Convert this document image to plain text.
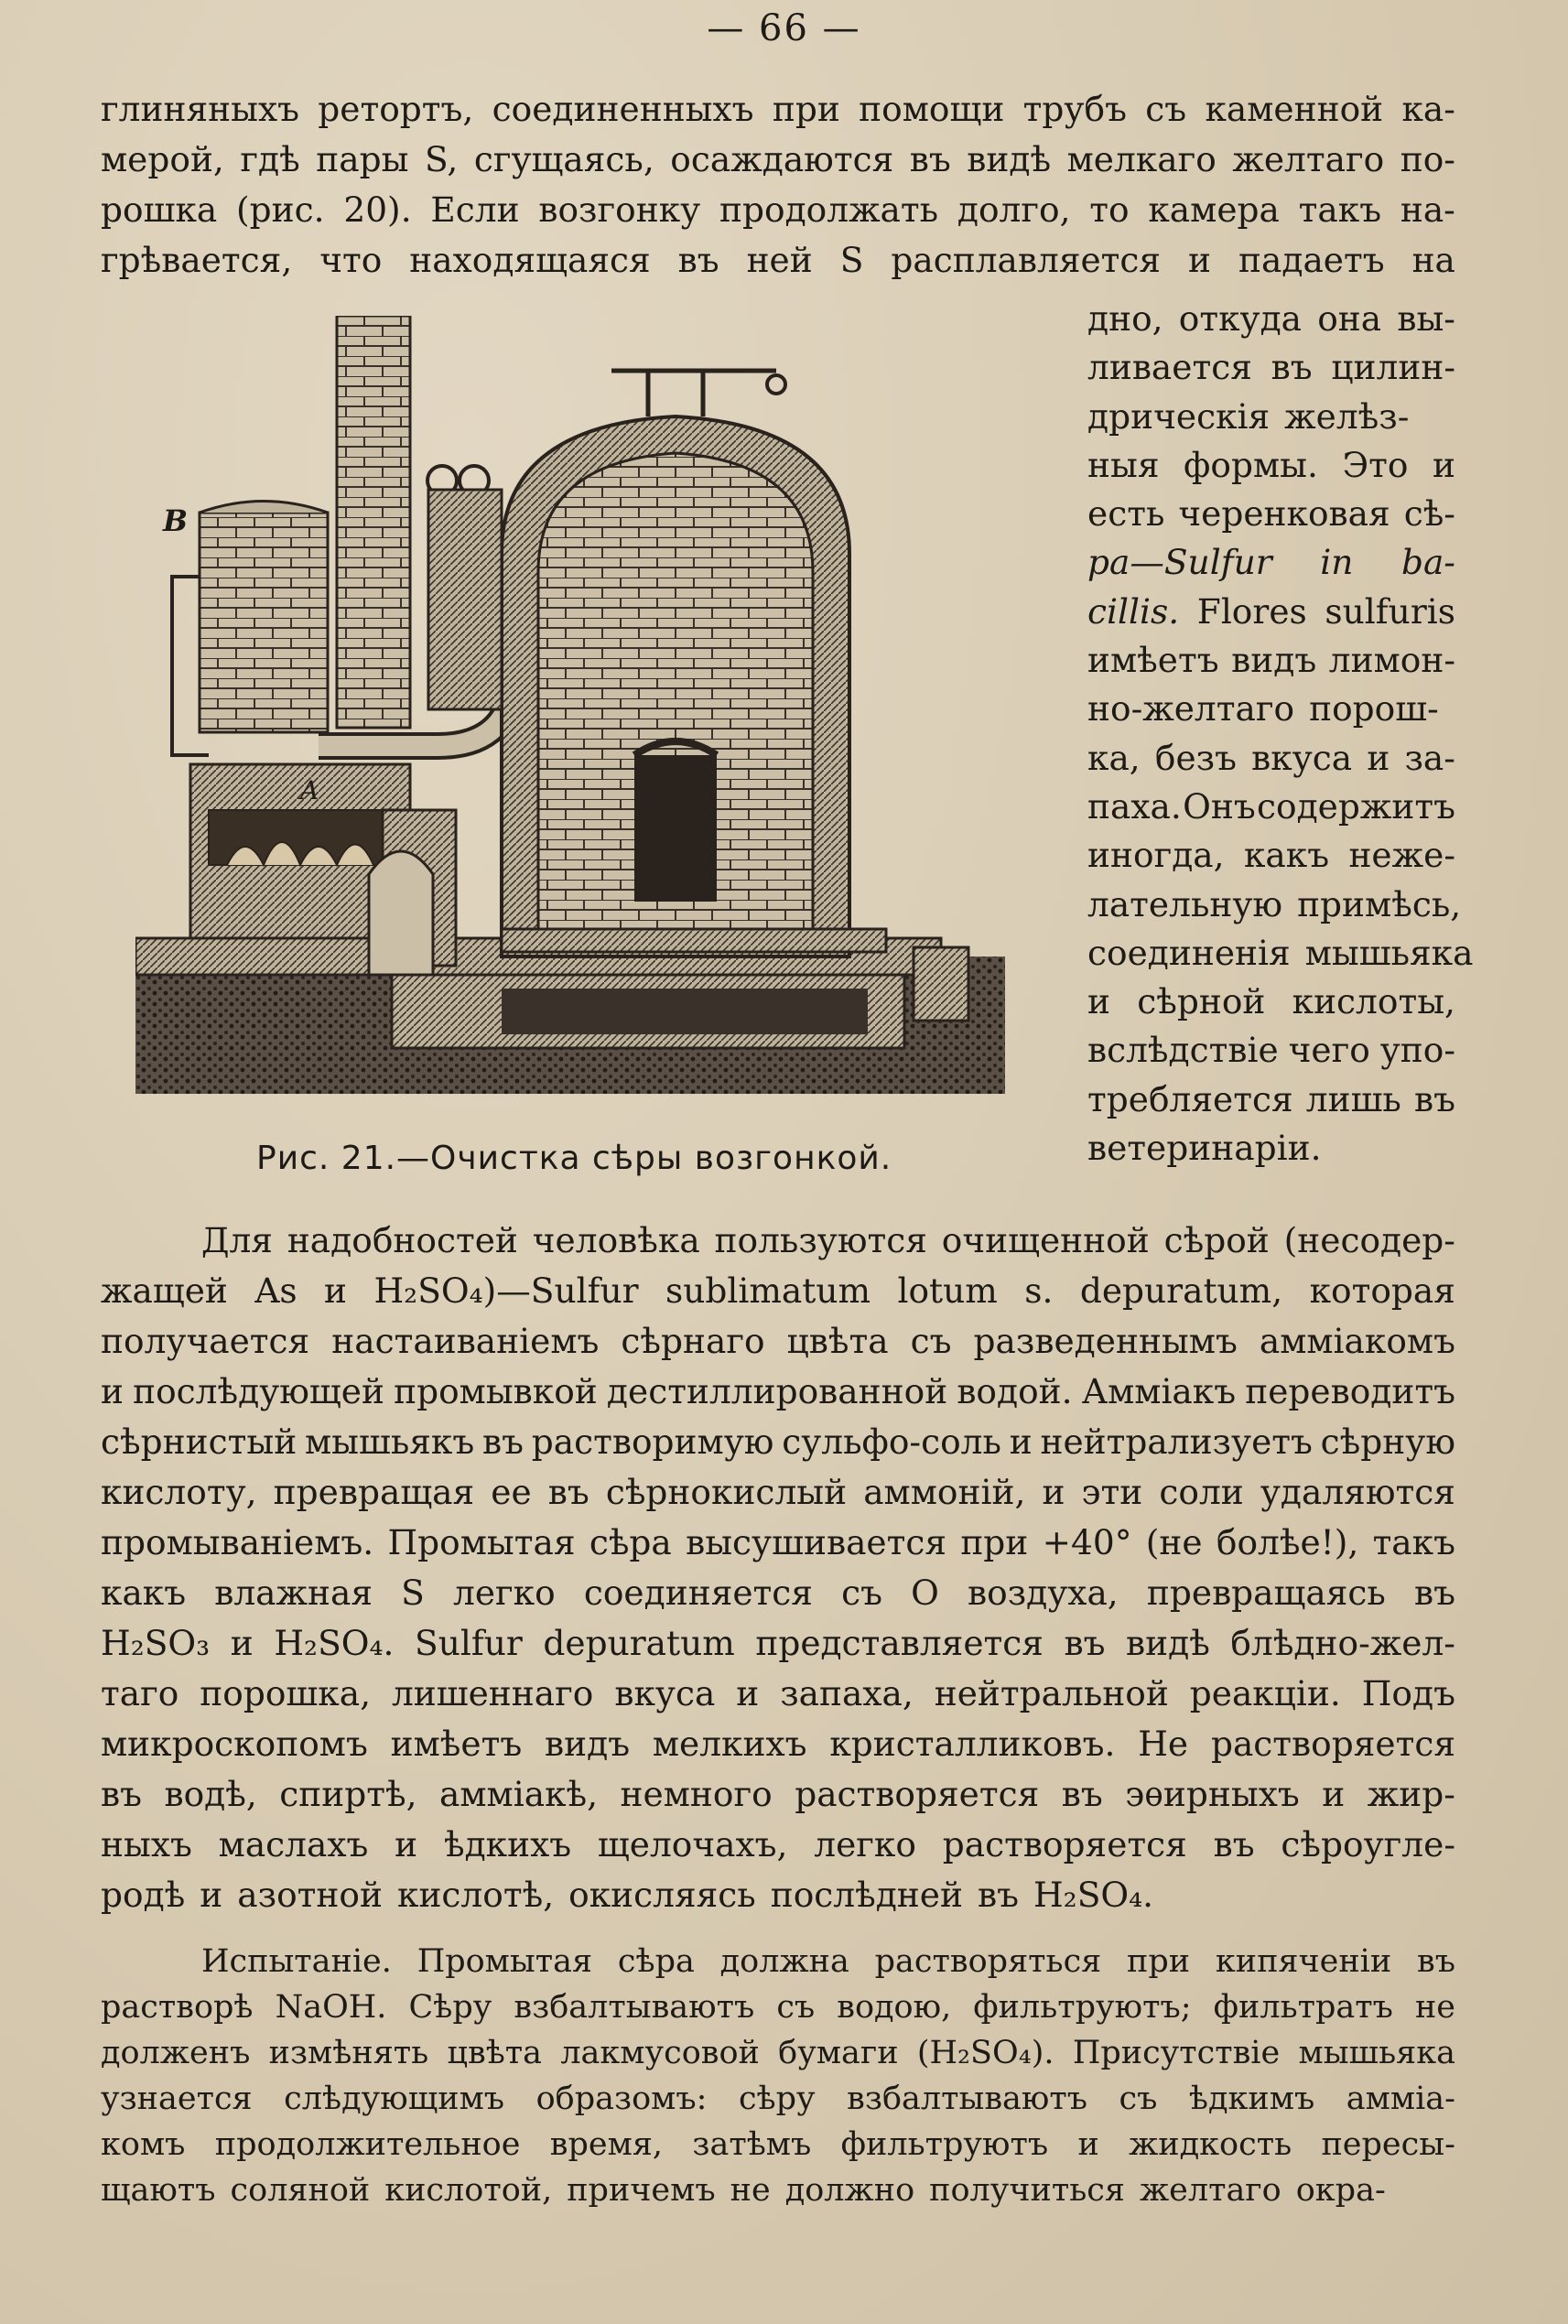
— 66 —
глиняныхъ ретортъ, соединенныхъ при помощи трубъ съ каменной ка-
мерой, гдѣ пары S, сгущаясь, осаждаются въ видѣ мелкаго желтаго по-
рошка (рис. 20). Если возгонку продолжать долго, то камера такъ на-
грѣвается, что находящаяся въ ней S расплавляется и падаетъ на
B
A
Рис. 21.—Очистка сѣры возгонкой.
дно, откуда она вы-
ливается въ цилин-
дрическія желѣз-
ныя формы. Это и
есть черенковая сѣ-
ра—Sulfur in ba-
cillis. Flores sulfuris
имѣетъ видъ лимон-
но-желтаго порош-
ка, безъ вкуса и за-
паха. Онъ содержитъ
иногда, какъ нежe-
лательную примѣсь,
соединенія мышьяка
и сѣрной кислоты,
вслѣдствіе чего упо-
требляется лишь въ
ветеринаріи.
Для надобностей человѣка пользуются очищенной сѣрой (несодер-
жащей As и H₂SO₄)—Sulfur sublimatum lotum s. depuratum, которая
получается настаиваніемъ сѣрнаго цвѣта съ разведеннымъ аммiакомъ
и послѣдующей промывкой дестиллированной водой. Аммiакъ переводитъ
сѣрнистый мышьякъ въ растворимую сульфо-соль и нейтрализуетъ сѣрную
кислоту, превращая ее въ сѣрнокислый аммонiй, и эти соли удаляются
промываніемъ. Промытая сѣра высушивается при +40° (не болѣе!), такъ
какъ влажная S легко соединяется съ O воздуха, превращаясь въ
H₂SO₃ и H₂SO₄. Sulfur depuratum представляется въ видѣ блѣдно-жел-
таго порошка, лишеннаго вкуса и запаха, нейтральной реакціи. Подъ
микроскопомъ имѣетъ видъ мелкихъ кристалликовъ. Не растворяется
въ водѣ, спиртѣ, аммiакѣ, немного растворяется въ эѳирныхъ и жир-
ныхъ маслахъ и ѣдкихъ щелочахъ, легко растворяется въ сѣроугле-
родѣ и азотной кислотѣ, окисляясь послѣдней въ H₂SO₄.
Испытаніе. Промытая сѣра должна растворяться при кипяченіи въ
растворѣ NaOH. Сѣру взбалтываютъ съ водою, фильтруютъ; фильтратъ не
долженъ измѣнять цвѣта лакмусовой бумаги (H₂SO₄). Присутствіе мышьяка
узнается слѣдующимъ образомъ: сѣру взбалтываютъ съ ѣдкимъ аммiа-
комъ продолжительное время, затѣмъ фильтруютъ и жидкость пересы-
щаютъ соляной кислотой, причемъ не должно получиться желтаго окра-
